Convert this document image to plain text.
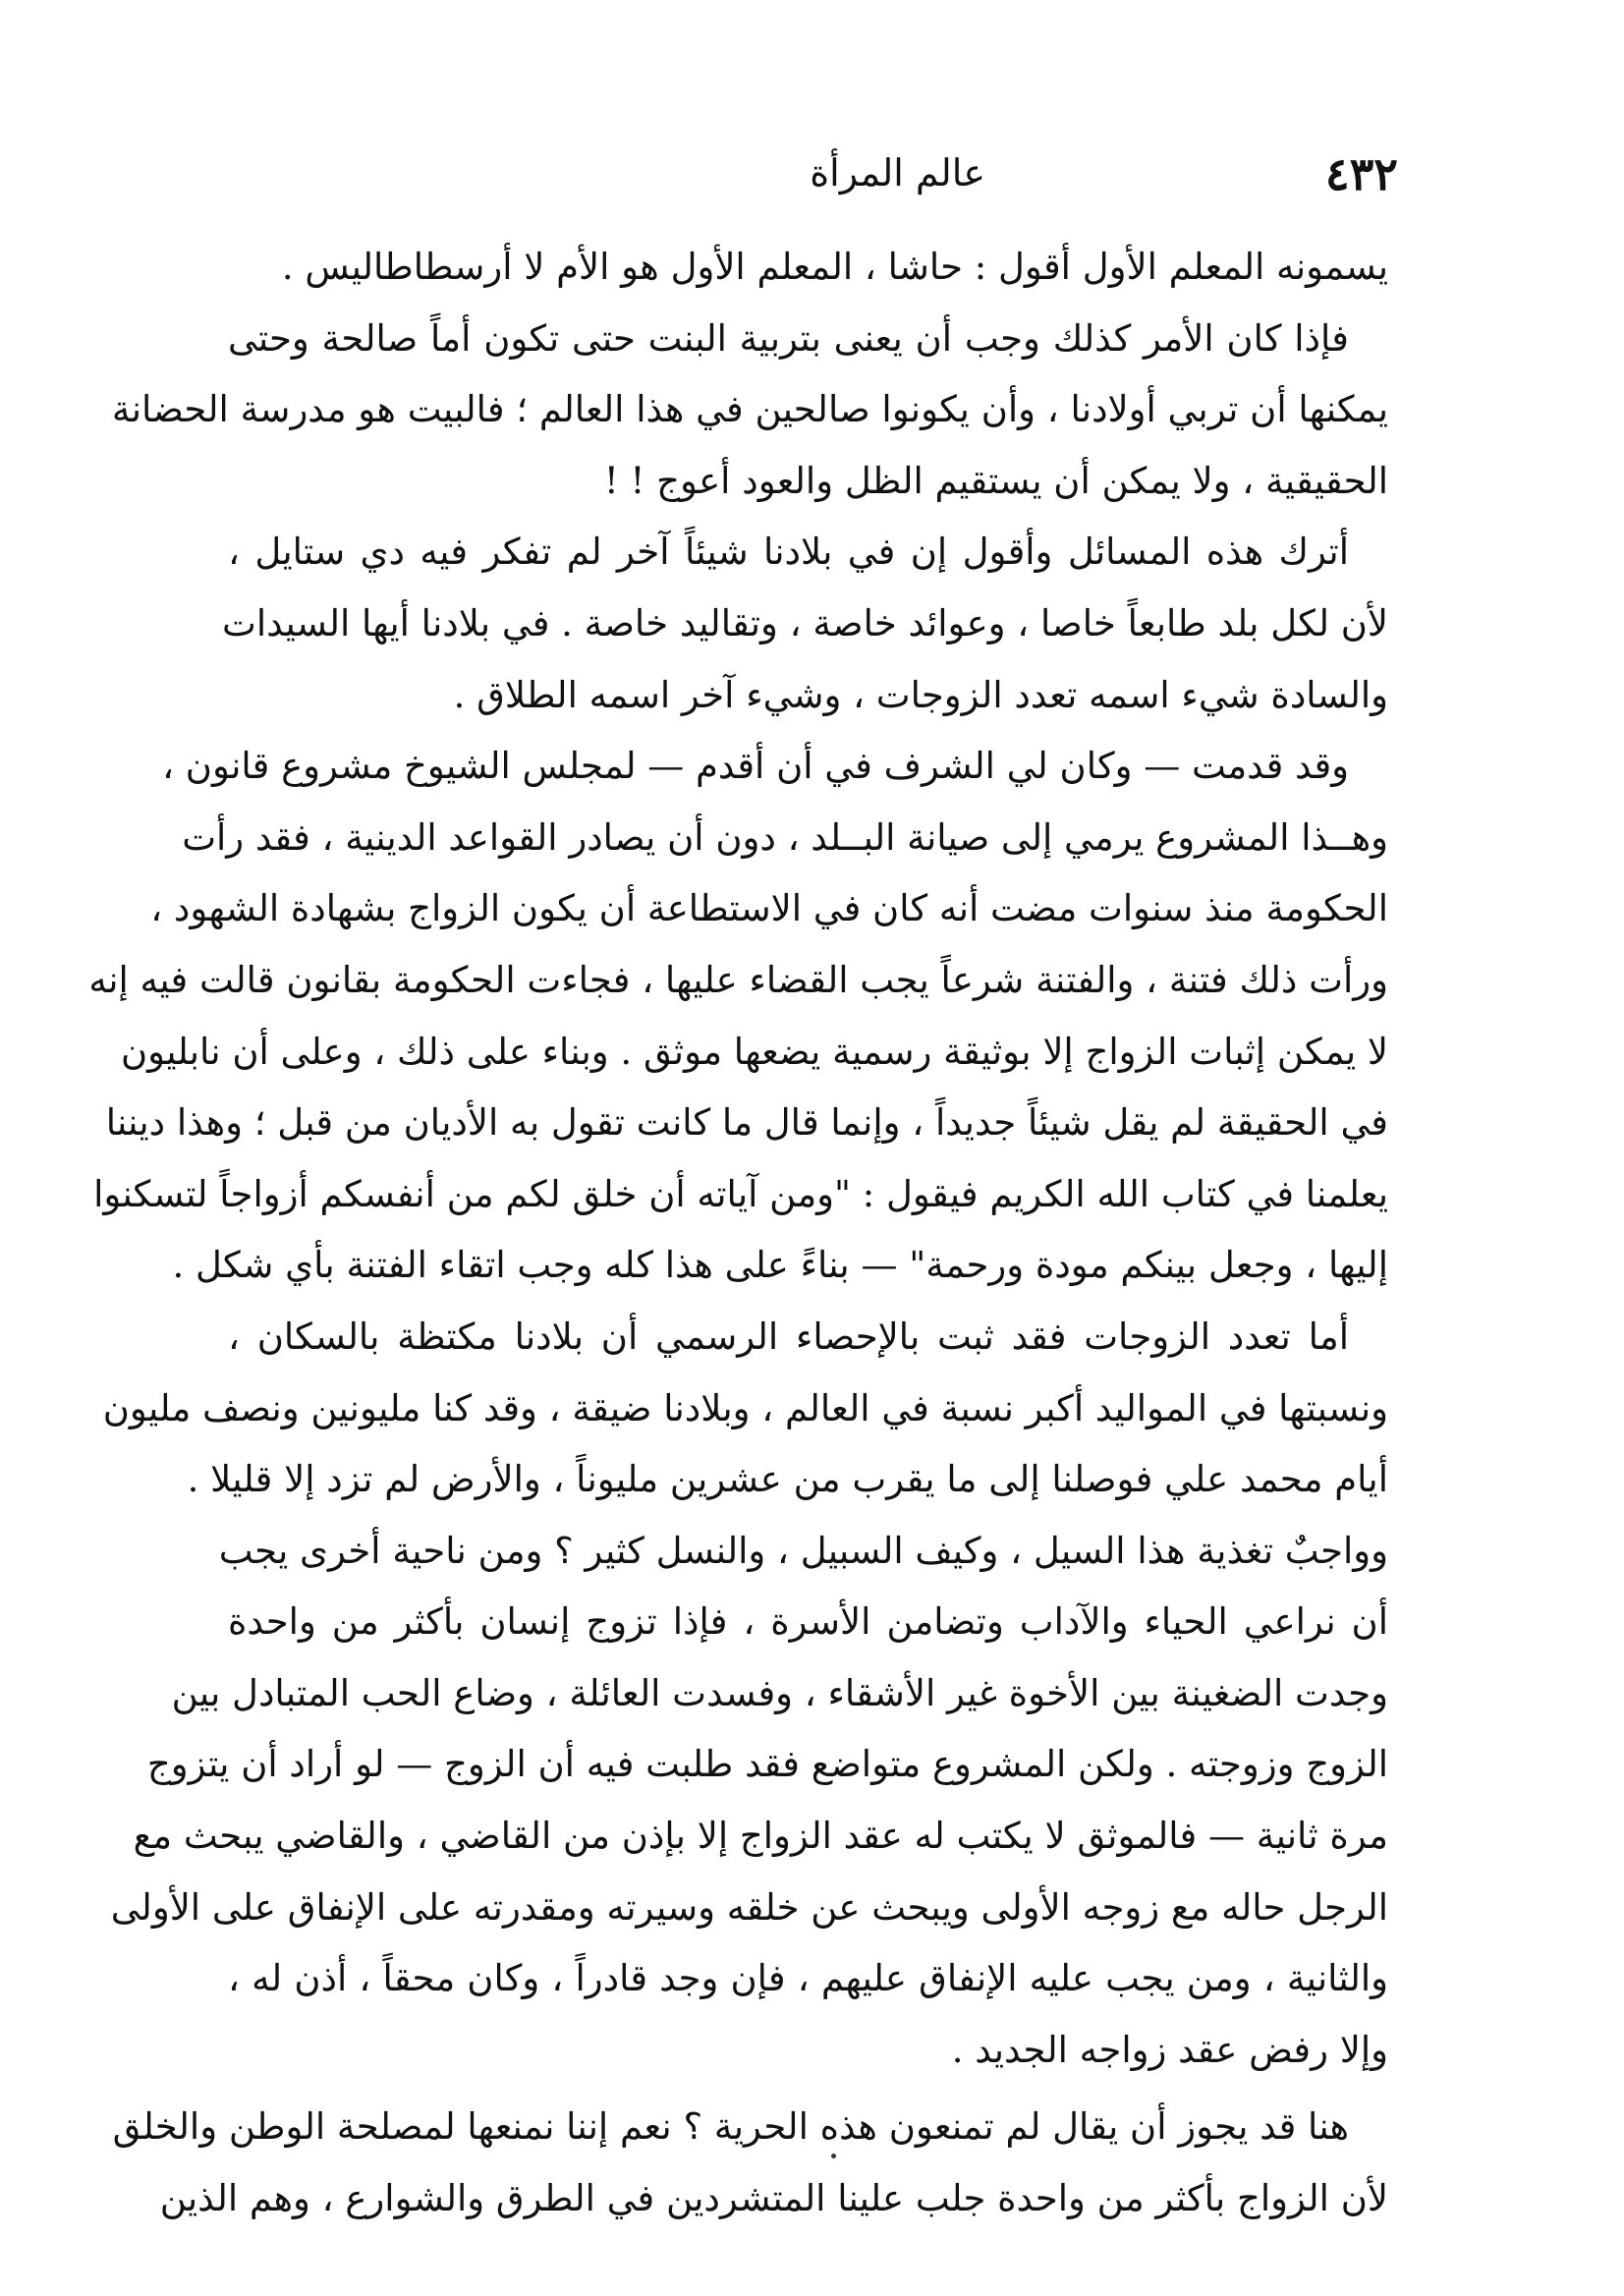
٤٣٢
عالم المرأة
يسمونه المعلم الأول أقول : حاشا ، المعلم الأول هو الأم لا أرسطاطاليس .
فإذا كان الأمر كذلك وجب أن يعنى بتربية البنت حتى تكون أماً صالحة وحتى
يمكنها أن تربي أولادنا ، وأن يكونوا صالحين في هذا العالم ؛ فالبيت هو مدرسة الحضانة
الحقيقية ، ولا يمكن أن يستقيم الظل والعود أعوج ! !
أترك هذه المسائل وأقول إن في بلادنا شيئاً آخر لم تفكر فيه دي ستايل ،
لأن لكل بلد طابعاً خاصا ، وعوائد خاصة ، وتقاليد خاصة . في بلادنا أيها السيدات
والسادة شيء اسمه تعدد الزوجات ، وشيء آخر اسمه الطلاق .
وقد قدمت — وكان لي الشرف في أن أقدم — لمجلس الشيوخ مشروع قانون ،
وهــذا المشروع يرمي إلى صيانة البــلد ، دون أن يصادر القواعد الدينية ، فقد رأت
الحكومة منذ سنوات مضت أنه كان في الاستطاعة أن يكون الزواج بشهادة الشهود ،
ورأت ذلك فتنة ، والفتنة شرعاً يجب القضاء عليها ، فجاءت الحكومة بقانون قالت فيه إنه
لا يمكن إثبات الزواج إلا بوثيقة رسمية يضعها موثق . وبناء على ذلك ، وعلى أن نابليون
في الحقيقة لم يقل شيئاً جديداً ، وإنما قال ما كانت تقول به الأديان من قبل ؛ وهذا ديننا
يعلمنا في كتاب الله الكريم فيقول : "ومن آياته أن خلق لكم من أنفسكم أزواجاً لتسكنوا
إليها ، وجعل بينكم مودة ورحمة" — بناءً على هذا كله وجب اتقاء الفتنة بأي شكل .
أما تعدد الزوجات فقد ثبت بالإحصاء الرسمي أن بلادنا مكتظة بالسكان ،
ونسبتها في المواليد أكبر نسبة في العالم ، وبلادنا ضيقة ، وقد كنا مليونين ونصف مليون
أيام محمد علي فوصلنا إلى ما يقرب من عشرين مليوناً ، والأرض لم تزد إلا قليلا .
وواجبٌ تغذية هذا السيل ، وكيف السبيل ، والنسل كثير ؟ ومن ناحية أخرى يجب
أن نراعي الحياء والآداب وتضامن الأسرة ، فإذا تزوج إنسان بأكثر من واحدة
وجدت الضغينة بين الأخوة غير الأشقاء ، وفسدت العائلة ، وضاع الحب المتبادل بين
الزوج وزوجته . ولكن المشروع متواضع فقد طلبت فيه أن الزوج — لو أراد أن يتزوج
مرة ثانية — فالموثق لا يكتب له عقد الزواج إلا بإذن من القاضي ، والقاضي يبحث مع
الرجل حاله مع زوجه الأولى ويبحث عن خلقه وسيرته ومقدرته على الإنفاق على الأولى
والثانية ، ومن يجب عليه الإنفاق عليهم ، فإن وجد قادراً ، وكان محقاً ، أذن له ،
وإلا رفض عقد زواجه الجديد .
هنا قد يجوز أن يقال لم تمنعون هذه الحرية ؟ نعم إننا نمنعها لمصلحة الوطن والخلق
لأن الزواج بأكثر من واحدة جلب علينا المتشردين في الطرق والشوارع ، وهم الذين
